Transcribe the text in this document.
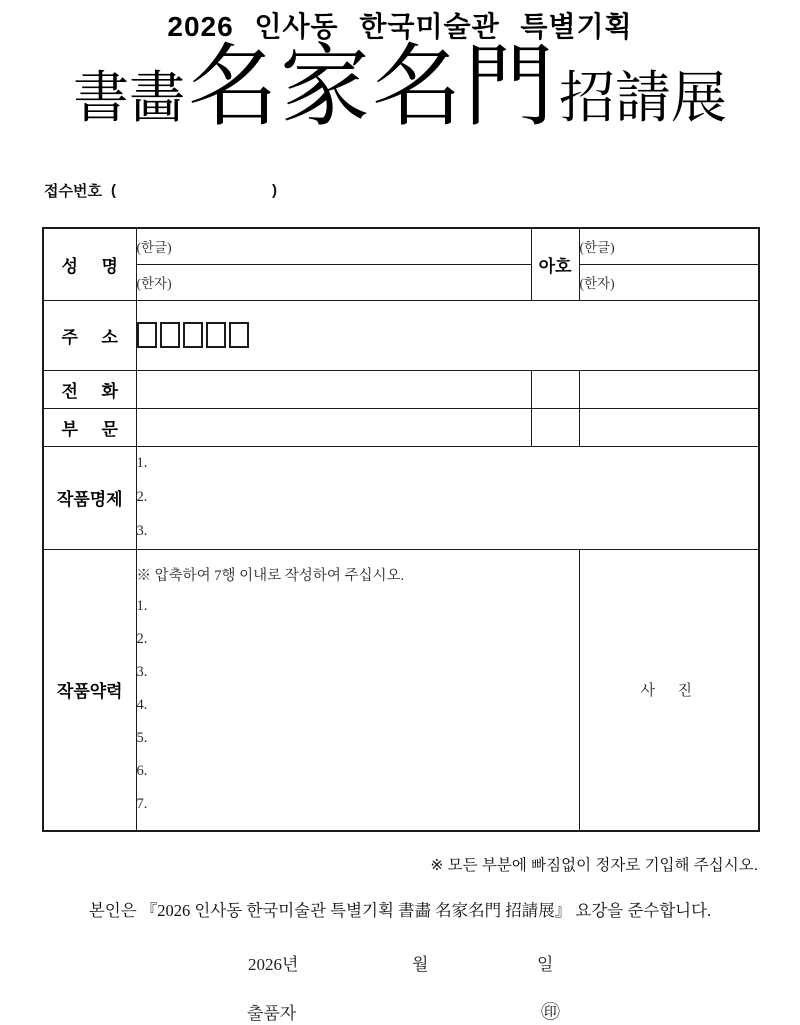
2026 인사동 한국미술관 특별기획
書畵 名家名門 招請展
접수번호 (	)
성     명	(한글)	아호	(한글)
	(한자)		(한자)
주     소			

전     화			
부     문			
작품명제	1.
2.
3.		

작품약력	
※ 압축하여 7행 이내로 작성하여 주십시오.
1.
2.
3.
4.
5.
6.
7.
	사  진
※ 모든 부분에 빠짐없이 정자로 기입해 주십시오.
본인은 『2026 인사동 한국미술관 특별기획 書畵 名家名門 招請展』 요강을 준수합니다.
2026년	월	일
출품자	㊞
